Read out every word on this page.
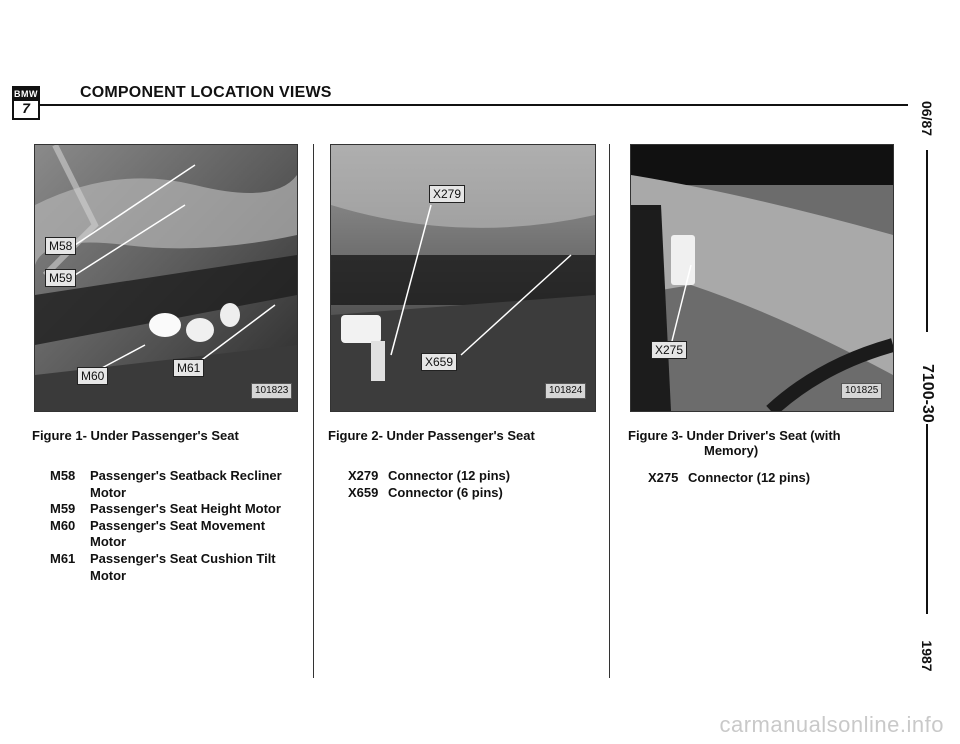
BMW
7
COMPONENT LOCATION VIEWS
06/87
7100-30
1987
M58
M59
M60
M61
101823
X279
X659
101824
X275
101825
Figure 1- Under Passenger's Seat	Figure 2- Under Passenger's Seat	Figure 3- Under Driver's Seat (with
Memory)
M58	Passenger's Seatback Recliner Motor
M59	Passenger's Seat Height Motor
M60	Passenger's Seat Movement Motor
M61	Passenger's Seat Cushion Tilt Motor
X279 Connector (12 pins)
X659 Connector (6 pins)
X275 Connector (12 pins)
carmanualsonline.info
